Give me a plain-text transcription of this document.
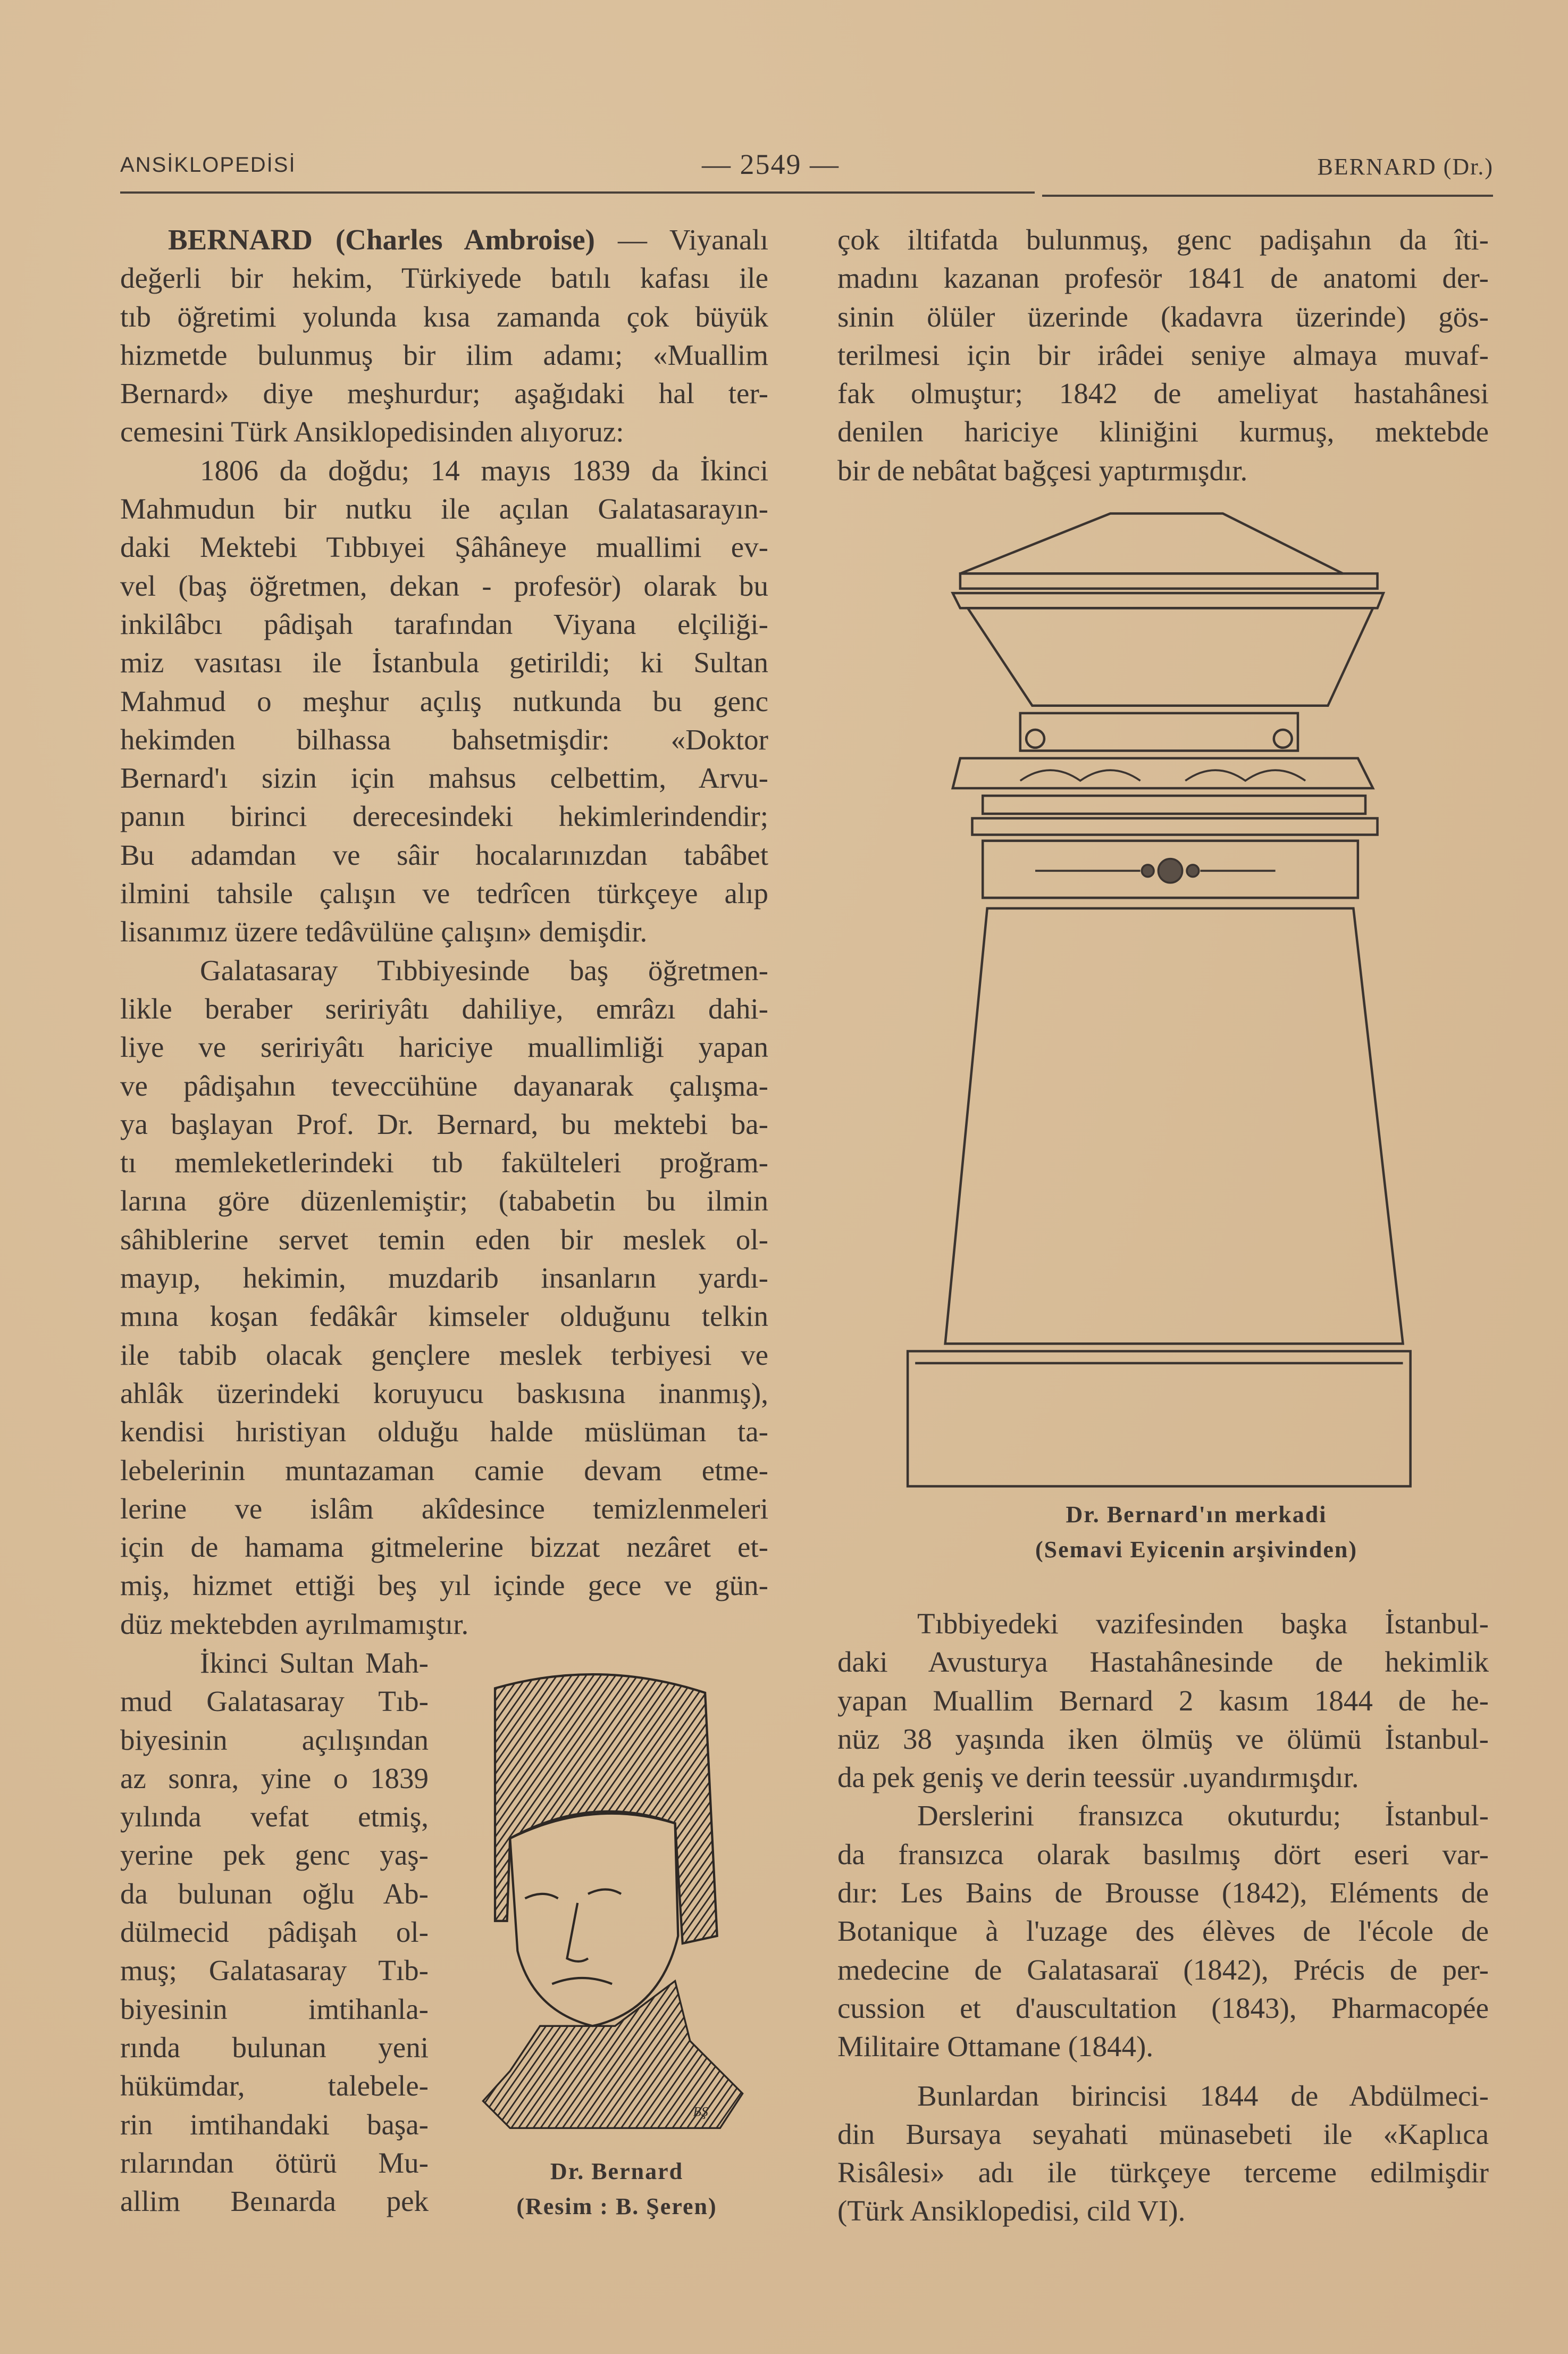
ANSİKLOPEDİSİ	— 2549 —	BERNARD (Dr.)
BERNARD (Charles Ambroise) — Viyanalı
değerli bir hekim, Türkiyede batılı kafası ile
tıb öğretimi yolunda kısa zamanda çok büyük
hizmetde bulunmuş bir ilim adamı; «Muallim
Bernard» diye meşhurdur; aşağıdaki hal ter-
cemesini Türk Ansiklopedisinden alıyoruz:
1806 da doğdu; 14 mayıs 1839 da İkinci
Mahmudun bir nutku ile açılan Galatasarayın-
daki Mektebi Tıbbıyei Şâhâneye muallimi ev-
vel (baş öğretmen, dekan - profesör) olarak bu
inkilâbcı pâdişah tarafından Viyana elçiliği-
miz vasıtası ile İstanbula getirildi; ki Sultan
Mahmud o meşhur açılış nutkunda bu genc
hekimden bilhassa bahsetmişdir: «Doktor
Bernard'ı sizin için mahsus celbettim, Arvu-
panın birinci derecesindeki hekimlerindendir;
Bu adamdan ve sâir hocalarınızdan tabâbet
ilmini tahsile çalışın ve tedrîcen türkçeye alıp
lisanımız üzere tedâvülüne çalışın» demişdir.
Galatasaray Tıbbiyesinde baş öğretmen-
likle beraber seririyâtı dahiliye, emrâzı dahi-
liye ve seririyâtı hariciye muallimliği yapan
ve pâdişahın teveccühüne dayanarak çalışma-
ya başlayan Prof. Dr. Bernard, bu mektebi ba-
tı memleketlerindeki tıb fakülteleri proğram-
larına göre düzenlemiştir; (tababetin bu ilmin
sâhiblerine servet temin eden bir meslek ol-
mayıp, hekimin, muzdarib insanların yardı-
mına koşan fedâkâr kimseler olduğunu telkin
ile tabib olacak gençlere meslek terbiyesi ve
ahlâk üzerindeki koruyucu baskısına inanmış),
kendisi hıristiyan olduğu halde müslüman ta-
lebelerinin muntazaman camie devam etme-
lerine ve islâm akîdesince temizlenmeleri
için de hamama gitmelerine bizzat nezâret et-
miş, hizmet ettiği beş yıl içinde gece ve gün-
düz mektebden ayrılmamıştır.
İkinci Sultan Mah-
mud Galatasaray Tıb-
biyesinin açılışından
az sonra, yine o 1839
yılında vefat etmiş,
yerine pek genc yaş-
da bulunan oğlu Ab-
dülmecid pâdişah ol-
muş; Galatasaray Tıb-
biyesinin imtihanla-
rında bulunan yeni
hükümdar, talebele-
rin imtihandaki başa-
rılarından ötürü Mu-
allim Beınarda pek
çok iltifatda bulunmuş, genc padişahın da îti-
madını kazanan profesör 1841 de anatomi der-
sinin ölüler üzerinde (kadavra üzerinde) gös-
terilmesi için bir irâdei seniye almaya muvaf-
fak olmuştur; 1842 de ameliyat hastahânesi
denilen hariciye kliniğini kurmuş, mektebde
bir de nebâtat bağçesi yaptırmışdır.
Tıbbiyedeki vazifesinden başka İstanbul-
daki Avusturya Hastahânesinde de hekimlik
yapan Muallim Bernard 2 kasım 1844 de he-
nüz 38 yaşında iken ölmüş ve ölümü İstanbul-
da pek geniş ve derin teessür .uyandırmışdır.
Derslerini fransızca okuturdu; İstanbul-
da fransızca olarak basılmış dört eseri var-
dır: Les Bains de Brousse (1842), Eléments de
Botanique à l'uzage des élèves de l'école de
medecine de Galatasaraï (1842), Précis de per-
cussion et d'auscultation (1843), Pharmacopée
Militaire Ottamane (1844).
Bunlardan birincisi 1844 de Abdülmeci-
din Bursaya seyahati münasebeti ile «Kaplıca
Risâlesi» adı ile türkçeye terceme edilmişdir
(Türk Ansiklopedisi, cild VI).
Dr. Bernard'ın merkadi
(Semavi Eyicenin arşivinden)
BŞ
Dr. Bernard
(Resim : B. Şeren)
